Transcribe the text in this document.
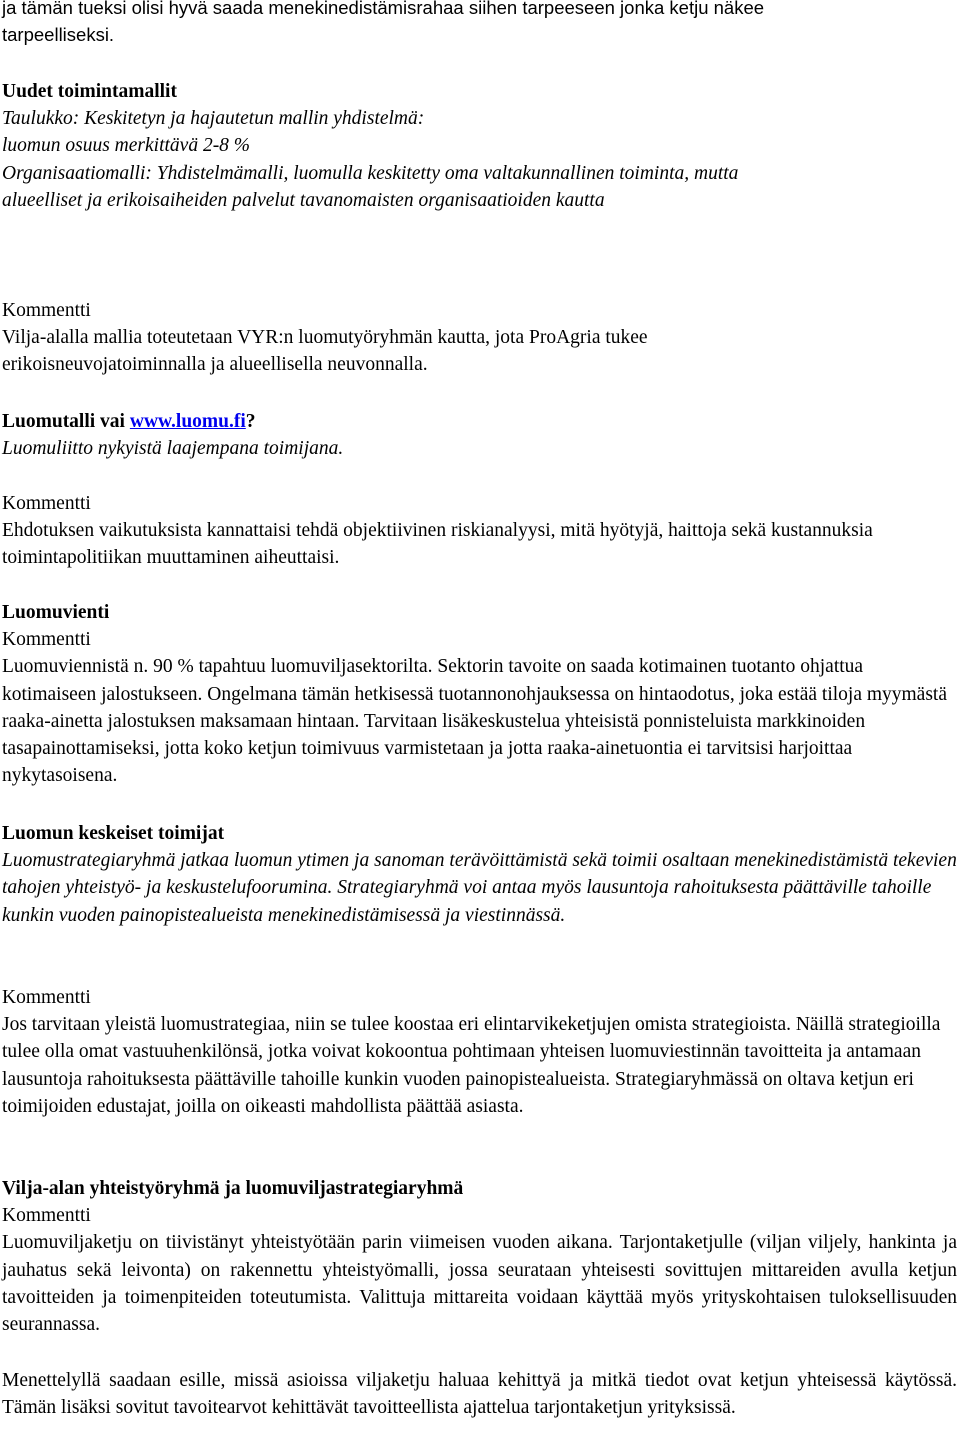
ja tämän tueksi olisi hyvä saada menekinedistämisrahaa siihen tarpeeseen jonka ketju näkee
tarpeelliseksi.
Uudet toimintamallit
Taulukko: Keskitetyn ja hajautetun mallin yhdistelmä:
luomun osuus merkittävä 2-8 %
Organisaatiomalli: Yhdistelmämalli, luomulla keskitetty oma valtakunnallinen toiminta, mutta
alueelliset ja erikoisaiheiden palvelut tavanomaisten organisaatioiden kautta
Kommentti

Vilja-alalla mallia toteutetaan VYR:n luomutyöryhmän kautta, jota ProAgria tukee erikoisneuvojatoiminnalla ja alueellisella neuvonnalla.

Luomutalli vai www.luomu.fi?
Luomuliitto nykyistä laajempana toimijana.
Kommentti

Ehdotuksen vaikutuksista kannattaisi tehdä objektiivinen riskianalyysi, mitä hyötyjä, haittoja sekä kustannuksia toimintapolitiikan muuttaminen aiheuttaisi.

Luomuvienti
Kommentti

Luomuviennistä n. 90 % tapahtuu luomuviljasektorilta. Sektorin tavoite on saada kotimainen tuotanto ohjattua kotimaiseen jalostukseen. Ongelmana tämän hetkisessä tuotannonohjauksessa on hintaodotus, joka estää tiloja myymästä raaka-ainetta jalostuksen maksamaan hintaan. Tarvitaan lisäkeskustelua yhteisistä ponnisteluista markkinoiden tasapainottamiseksi, jotta koko ketjun toimivuus varmistetaan ja jotta raaka-ainetuontia ei tarvitsisi harjoittaa nykytasoisena.

Luomun keskeiset toimijat

Luomustrategiaryhmä jatkaa luomun ytimen ja sanoman terävöittämistä sekä toimii osaltaan menekinedistämistä tekevien tahojen yhteistyö- ja keskustelufoorumina. Strategiaryhmä voi antaa myös lausuntoja rahoituksesta päättäville tahoille kunkin vuoden painopistealueista menekinedistämisessä ja viestinnässä.

Kommentti

Jos tarvitaan yleistä luomustrategiaa, niin se tulee koostaa eri elintarvikeketjujen omista strategioista. Näillä strategioilla tulee olla omat vastuuhenkilönsä, jotka voivat kokoontua pohtimaan yhteisen luomuviestinnän tavoitteita ja antamaan lausuntoja rahoituksesta päättäville tahoille kunkin vuoden painopistealueista. Strategiaryhmässä on oltava ketjun eri toimijoiden edustajat, joilla on oikeasti mahdollista päättää asiasta.

Vilja-alan yhteistyöryhmä ja luomuviljastrategiaryhmä
Kommentti

Luomuviljaketju on tiivistänyt yhteistyötään parin viimeisen vuoden aikana. Tarjontaketjulle (viljan viljely, hankinta ja jauhatus sekä leivonta) on rakennettu yhteistyömalli, jossa seurataan yhteisesti sovittujen mittareiden avulla ketjun tavoitteiden ja toimenpiteiden toteutumista. Valittuja mittareita voidaan käyttää myös yrityskohtaisen tuloksellisuuden seurannassa.

Menettelyllä saadaan esille, missä asioissa viljaketju haluaa kehittyä ja mitkä tiedot ovat ketjun yhteisessä käytössä. Tämän lisäksi sovitut tavoitearvot kehittävät tavoitteellista ajattelua tarjontaketjun yrityksissä.
